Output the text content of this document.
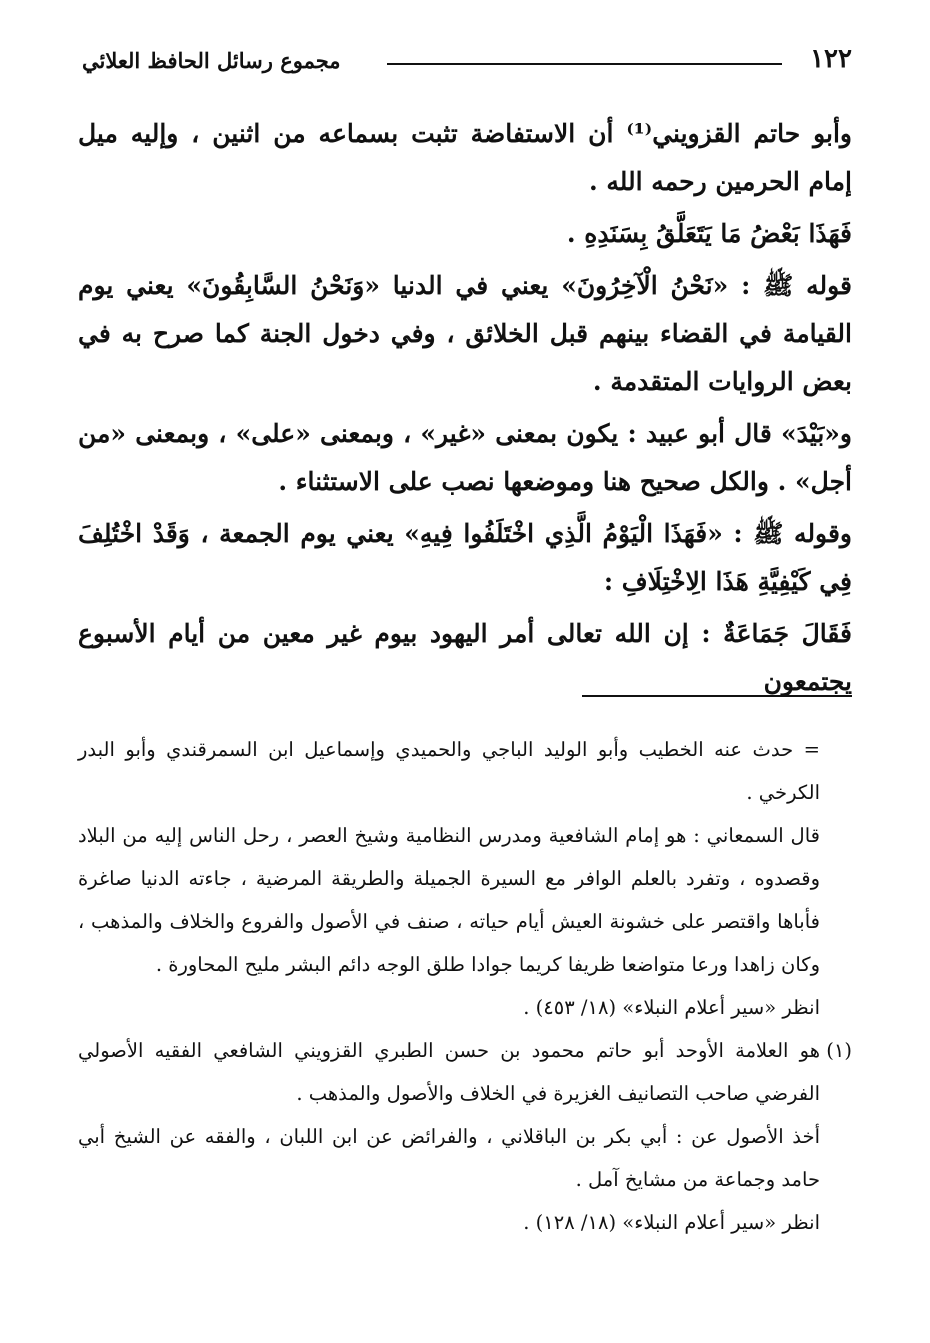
١٢٢
مجموع رسائل الحافظ العلائي

وأبو حاتم القزويني⁽¹⁾ أن الاستفاضة تثبت بسماعه من اثنين ، وإليه ميل إمام الحرمين رحمه الله .

فَهَذَا بَعْضُ مَا يَتَعَلَّقُ بِسَنَدِهِ .

قوله ﷺ : «نَحْنُ الْآخِرُونَ» يعني في الدنيا «وَنَحْنُ السَّابِقُونَ» يعني يوم القيامة في القضاء بينهم قبل الخلائق ، وفي دخول الجنة كما صرح به في بعض الروايات المتقدمة .

و«بَيْدَ» قال أبو عبيد : يكون بمعنى «غير» ، وبمعنى «على» ، وبمعنى «من أجل» . والكل صحيح هنا وموضعها نصب على الاستثناء .

وقوله ﷺ : «فَهَذَا الْيَوْمُ الَّذِي اخْتَلَفُوا فِيهِ» يعني يوم الجمعة ، وَقَدْ اخْتُلِفَ فِي كَيْفِيَّةِ هَذَا الِاخْتِلَافِ :

فَقَالَ جَمَاعَةٌ : إن الله تعالى أمر اليهود بيوم غير معين من أيام الأسبوع يجتمعون

= حدث عنه الخطيب وأبو الوليد الباجي والحميدي وإسماعيل ابن السمرقندي وأبو البدر الكرخي .

قال السمعاني : هو إمام الشافعية ومدرس النظامية وشيخ العصر ، رحل الناس إليه من البلاد وقصدوه ، وتفرد بالعلم الوافر مع السيرة الجميلة والطريقة المرضية ، جاءته الدنيا صاغرة فأباها واقتصر على خشونة العيش أيام حياته ، صنف في الأصول والفروع والخلاف والمذهب ، وكان زاهدا ورعا متواضعا ظريفا كريما جوادا طلق الوجه دائم البشر مليح المحاورة .

انظر «سير أعلام النبلاء» (١٨/ ٤٥٣) .

(١)

هو العلامة الأوحد أبو حاتم محمود بن حسن الطبري القزويني الشافعي الفقيه الأصولي الفرضي صاحب التصانيف الغزيرة في الخلاف والأصول والمذهب .

أخذ الأصول عن : أبي بكر بن الباقلاني ، والفرائض عن ابن اللبان ، والفقه عن الشيخ أبي حامد وجماعة من مشايخ آمل .

انظر «سير أعلام النبلاء» (١٨/ ١٢٨) .
